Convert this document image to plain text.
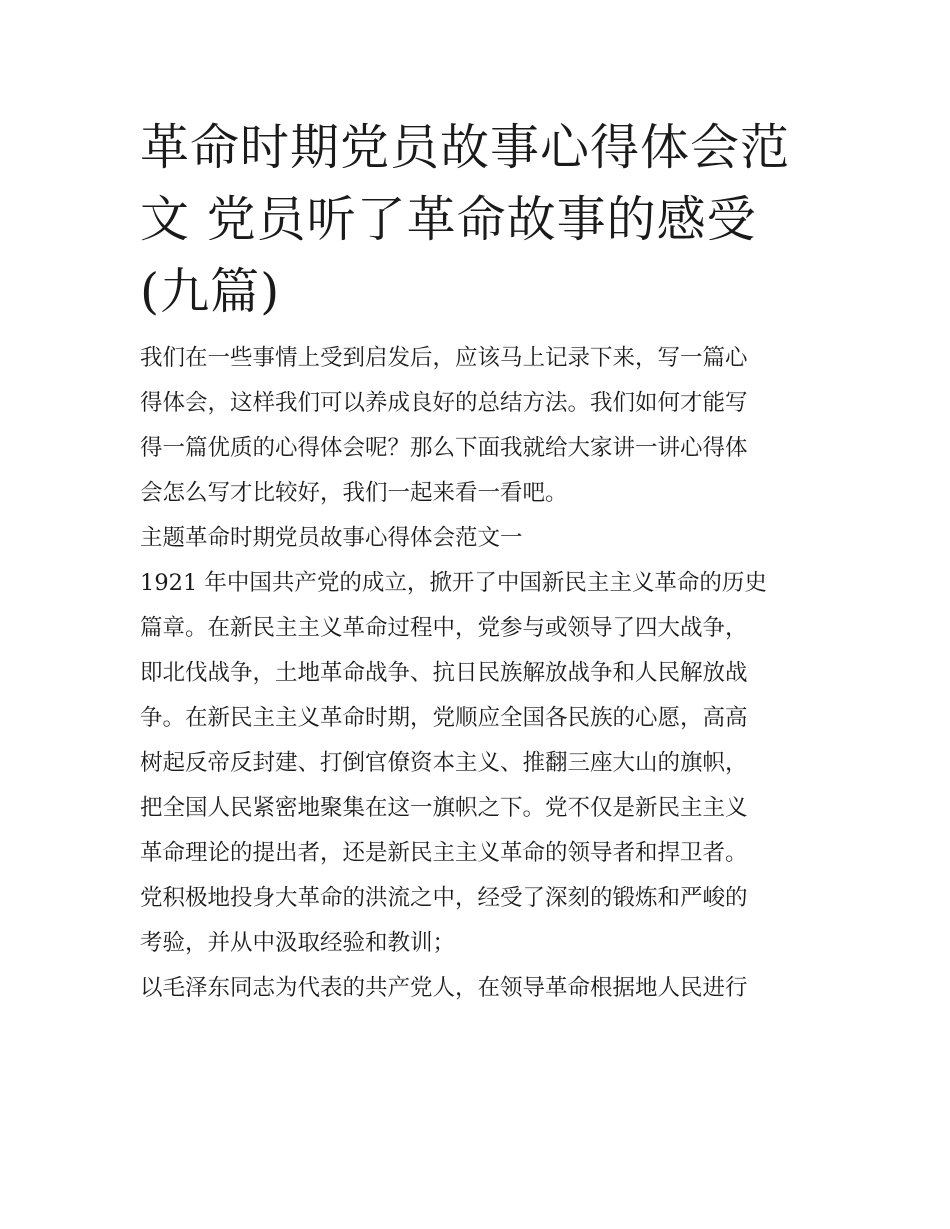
革命时期党员故事心得体会范
文 党员听了革命故事的感受
(九篇)

我们在一些事情上受到启发后，应该马上记录下来，写一篇心
得体会，这样我们可以养成良好的总结方法。我们如何才能写
得一篇优质的心得体会呢？那么下面我就给大家讲一讲心得体
会怎么写才比较好，我们一起来看一看吧。

主题革命时期党员故事心得体会范文一

1921 年中国共产党的成立，掀开了中国新民主主义革命的历史
篇章。在新民主主义革命过程中，党参与或领导了四大战争，
即北伐战争，土地革命战争、抗日民族解放战争和人民解放战
争。在新民主主义革命时期，党顺应全国各民族的心愿，高高
树起反帝反封建、打倒官僚资本主义、推翻三座大山的旗帜，
把全国人民紧密地聚集在这一旗帜之下。党不仅是新民主主义
革命理论的提出者，还是新民主主义革命的领导者和捍卫者。
党积极地投身大革命的洪流之中，经受了深刻的锻炼和严峻的
考验，并从中汲取经验和教训；

以毛泽东同志为代表的共产党人，在领导革命根据地人民进行
